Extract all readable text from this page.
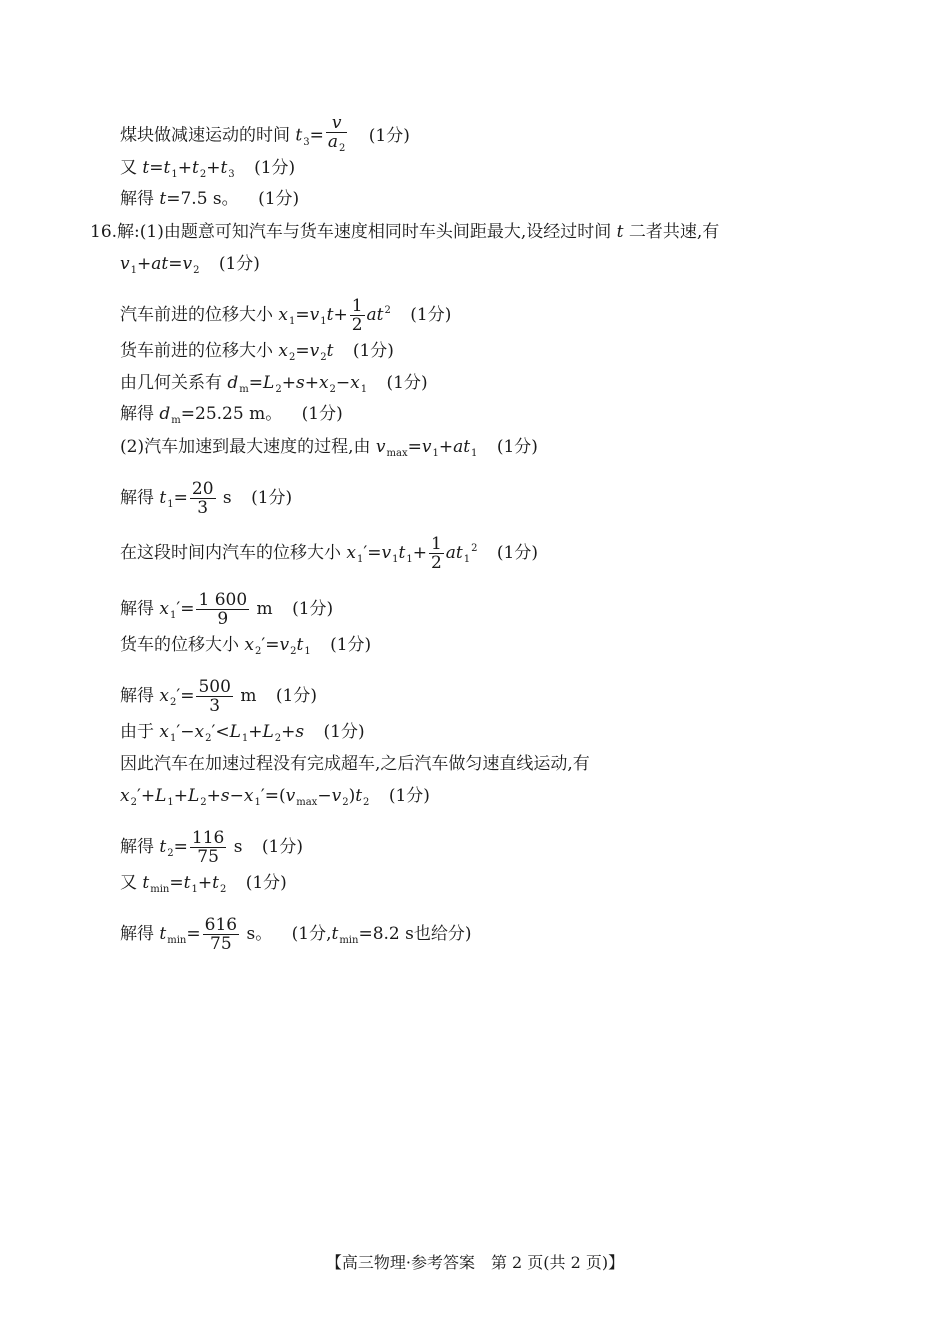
煤块做减速运动的时间 $t_3= \frac{v}{a_2} (1$分)
又 $t=t_1+t_2+t_3$ (1分)
解得 t=7.5 s。 (1分)
16.解:(1)由题意可知汽车与货车速度相同时车头间距最大,设经过时间 t 二者共速,有
$v_1+at=v_2$ (1分)
汽车前进的位移大小 $x_1=v_1t+ \frac{1}{2} at^2$ (1分)
货车前进的位移大小 $x_2=v_2t$ (1分)
由几何关系有 $d_m=L_2+s+x_2-x_1$ (1分)
解得 $d_m=25.25$ m。 (1分)
(2)汽车加速到最大速度的过程,由 $v_{max}=v_1+at_1$ (1分)
解得 $t_1= \frac{20}{3}$ s (1分)
在这段时间内汽车的位移大小 $x_1'=v_1t_1+ \frac{1}{2} at_1^2$ (1分)
解得 $x_1'= \frac{1 600}{9}$ m (1分)
货车的位移大小 $x_2'=v_2t_1$ (1分)
解得 $x_2'= \frac{500}{3}$ m (1分)
由于 $x_1'-x_2'<L_1+L_2+s$ (1分)
因此汽车在加速过程没有完成超车,之后汽车做匀速直线运动,有
$x_2'+L_1+L_2+s-x_1'=(v_{max}-v_2)t_2$ (1分)
解得 $t_2= \frac{116}{75}$ s (1分)
又 $t_{min}=t_1+t_2$ (1分)
解得 $t_{min}= \frac{616}{75}$ s。 (1分$,t_{min}=8.2$ s也给分)
【高三物理·参考答案　第 2 页(共 2 页)】
